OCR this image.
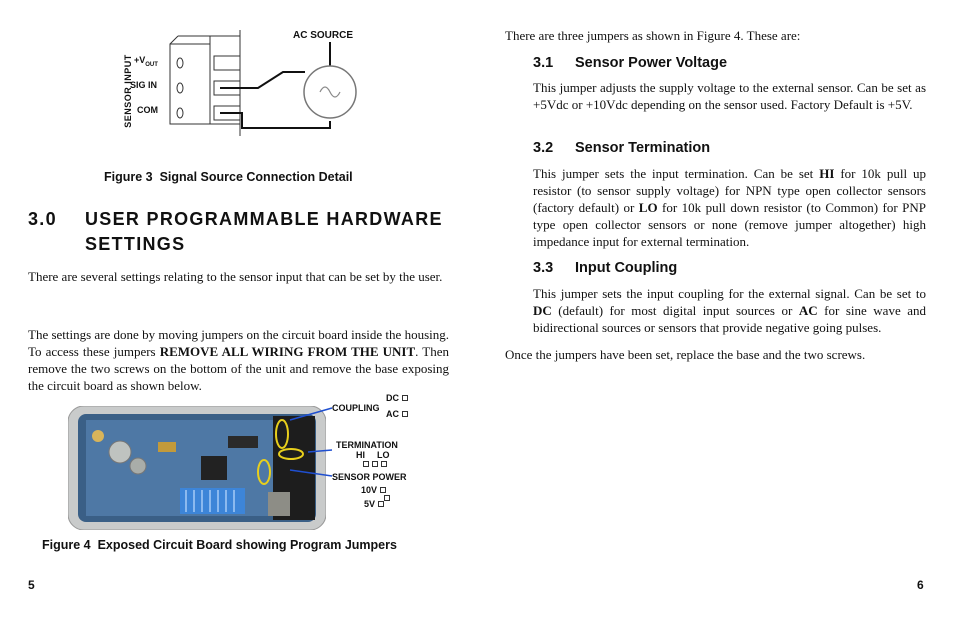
SENSOR INPUT $+V_{OUT}$
SIG IN
COM
AC SOURCE
Figure 3  Signal Source Connection Detail
3.0 USER PROGRAMMABLE HARDWARE
SETTINGS

There are several settings relating to the sensor input that can be set by the user.

The settings are done by moving jumpers on the circuit board inside the housing. To access these jumpers REMOVE ALL WIRING FROM THE UNIT. Then remove the two screws on the bottom of the unit and remove the base exposing the circuit board as shown below.

COUPLING
DC
AC
TERMINATION
HI LO
SENSOR POWER
10V
5V
Figure 4  Exposed Circuit Board showing Program Jumpers
5

There are three jumpers as shown in Figure 4. These are:

3.1 Sensor Power Voltage

This jumper adjusts the supply voltage to the external sensor. Can be set as +5Vdc or +10Vdc depending on the sensor used. Factory Default is +5V.

3.2 Sensor Termination

This jumper sets the input termination. Can be set HI for 10k pull up resistor (to sensor supply voltage) for NPN type open collector sensors (factory default) or LO for 10k pull down resistor (to Common) for PNP type open collector sensors or none (remove jumper altogether) high impedance input for external termination.

3.3 Input Coupling

This jumper sets the input coupling for the external signal. Can be set to DC (default) for most digital input sources or AC for sine wave and bidirectional sources or sensors that provide negative going pulses.

Once the jumpers have been set, replace the base and the two screws.

6
